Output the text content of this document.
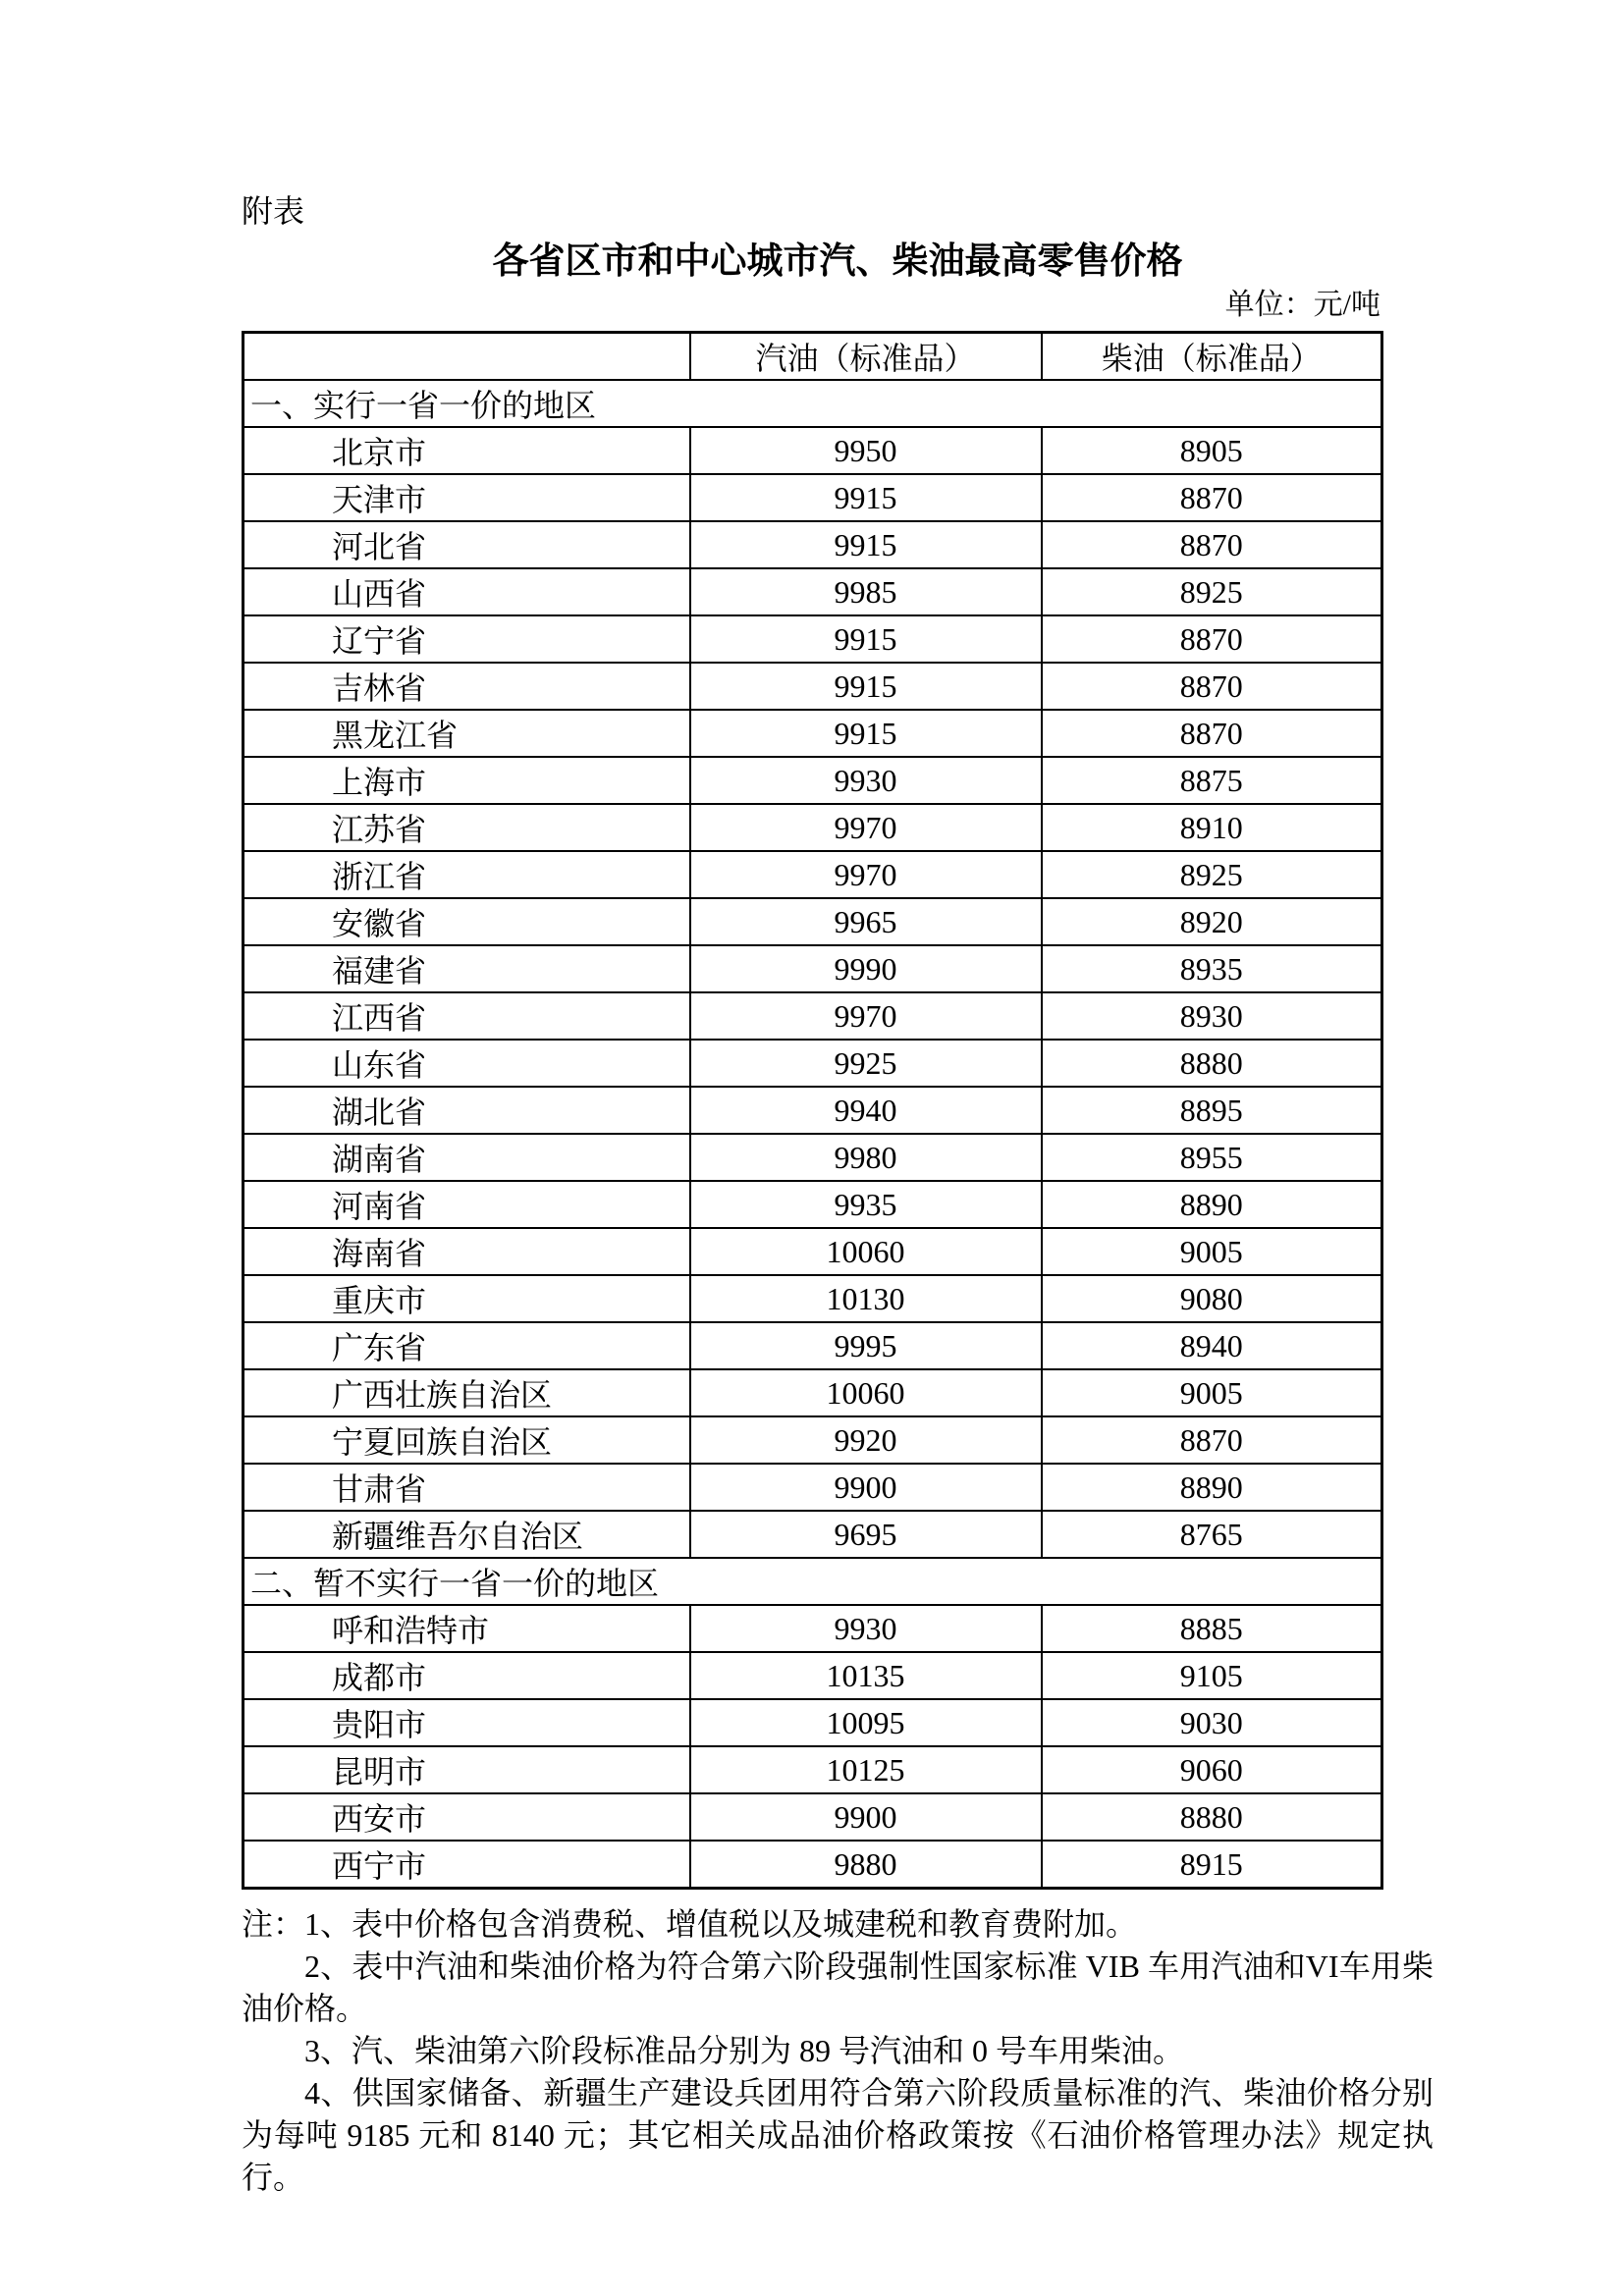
附表
各省区市和中心城市汽、柴油最高零售价格
单位：元/吨
	汽油（标准品）	柴油（标准品）
一、实行一省一价的地区		
北京市	9950	8905
天津市	9915	8870
河北省	9915	8870
山西省	9985	8925
辽宁省	9915	8870
吉林省	9915	8870
黑龙江省	9915	8870
上海市	9930	8875
江苏省	9970	8910
浙江省	9970	8925
安徽省	9965	8920
福建省	9990	8935
江西省	9970	8930
山东省	9925	8880
湖北省	9940	8895
湖南省	9980	8955
河南省	9935	8890
海南省	10060	9005
重庆市	10130	9080
广东省	9995	8940
广西壮族自治区	10060	9005
宁夏回族自治区	9920	8870
甘肃省	9900	8890
新疆维吾尔自治区	9695	8765
二、暂不实行一省一价的地区		
呼和浩特市	9930	8885
成都市	10135	9105
贵阳市	10095	9030
昆明市	10125	9060
西安市	9900	8880
西宁市	9880	8915

注：1、表中价格包含消费税、增值税以及城建税和教育费附加。

2、表中汽油和柴油价格为符合第六阶段强制性国家标准 VIB 车用汽油和VI车用柴油价格。

3、汽、柴油第六阶段标准品分别为 89 号汽油和 0 号车用柴油。

4、供国家储备、新疆生产建设兵团用符合第六阶段质量标准的汽、柴油价格分别为每吨 9185 元和 8140 元；其它相关成品油价格政策按《石油价格管理办法》规定执行。
